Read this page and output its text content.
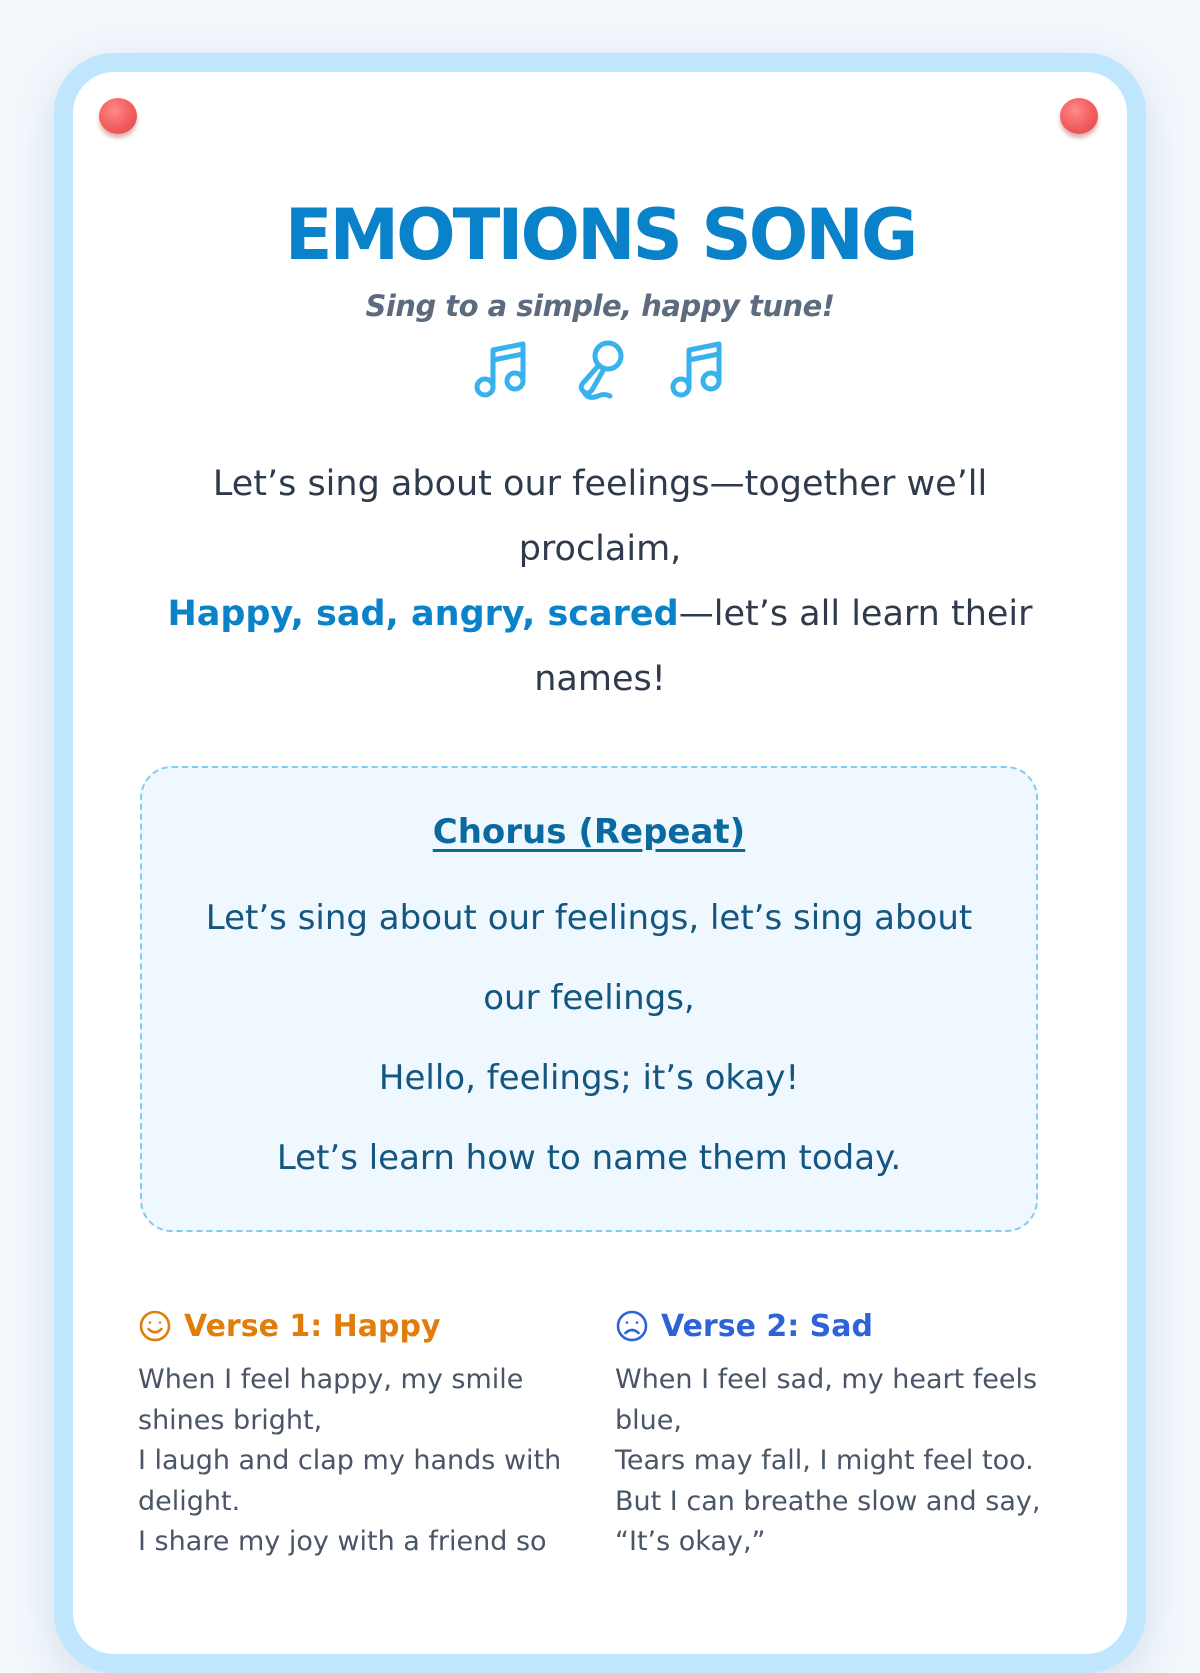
EMOTIONS SONG
Sing to a simple, happy tune!
Let’s sing about our feelings—together we’ll proclaim,
Happy, sad, angry, scared—let’s all learn their names!
Chorus (Repeat)
Let’s sing about our feelings, let’s sing about our feelings,
Hello, feelings; it’s okay!
Let’s learn how to name them today.
Verse 1: Happy
When I feel happy, my smile shines bright,
I laugh and clap my hands with delight.
I share my joy with a friend so
Verse 2: Sad
When I feel sad, my heart feels blue,
Tears may fall, I might feel too.
But I can breathe slow and say,
“It’s okay,”
